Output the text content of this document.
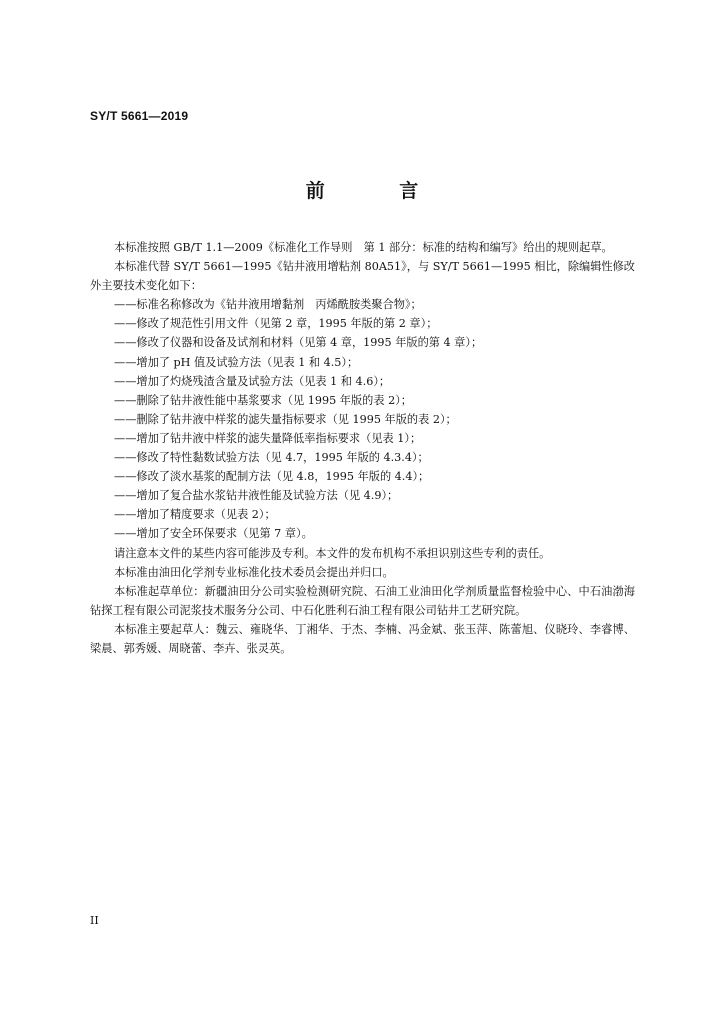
SY/T 5661—2019
前 言

本标准按照 GB/T 1.1—2009《标准化工作导则　第 1 部分：标准的结构和编写》给出的规则起草。

本标准代替 SY/T 5661—1995《钻井液用增粘剂 80A51》，与 SY/T 5661—1995 相比，除编辑性修改外主要技术变化如下：

——标准名称修改为《钻井液用增黏剂　丙烯酰胺类聚合物》；

——修改了规范性引用文件（见第 2 章，1995 年版的第 2 章）；

——修改了仪器和设备及试剂和材料（见第 4 章，1995 年版的第 4 章）；

——增加了 pH 值及试验方法（见表 1 和 4.5）；

——增加了灼烧残渣含量及试验方法（见表 1 和 4.6）；

——删除了钻井液性能中基浆要求（见 1995 年版的表 2）；

——删除了钻井液中样浆的滤失量指标要求（见 1995 年版的表 2）；

——增加了钻井液中样浆的滤失量降低率指标要求（见表 1）；

——修改了特性黏数试验方法（见 4.7，1995 年版的 4.3.4）；

——修改了淡水基浆的配制方法（见 4.8，1995 年版的 4.4）；

——增加了复合盐水浆钻井液性能及试验方法（见 4.9）；

——增加了精度要求（见表 2）；

——增加了安全环保要求（见第 7 章）。

请注意本文件的某些内容可能涉及专利。本文件的发布机构不承担识别这些专利的责任。

本标准由油田化学剂专业标准化技术委员会提出并归口。

本标准起草单位：新疆油田分公司实验检测研究院、石油工业油田化学剂质量监督检验中心、中石油渤海钻探工程有限公司泥浆技术服务分公司、中石化胜利石油工程有限公司钻井工艺研究院。

本标准主要起草人：魏云、雍晓华、丁湘华、于杰、李楠、冯金斌、张玉萍、陈蕾旭、仪晓玲、李睿博、梁晨、郭秀媛、周晓蕾、李卉、张灵英。

II
